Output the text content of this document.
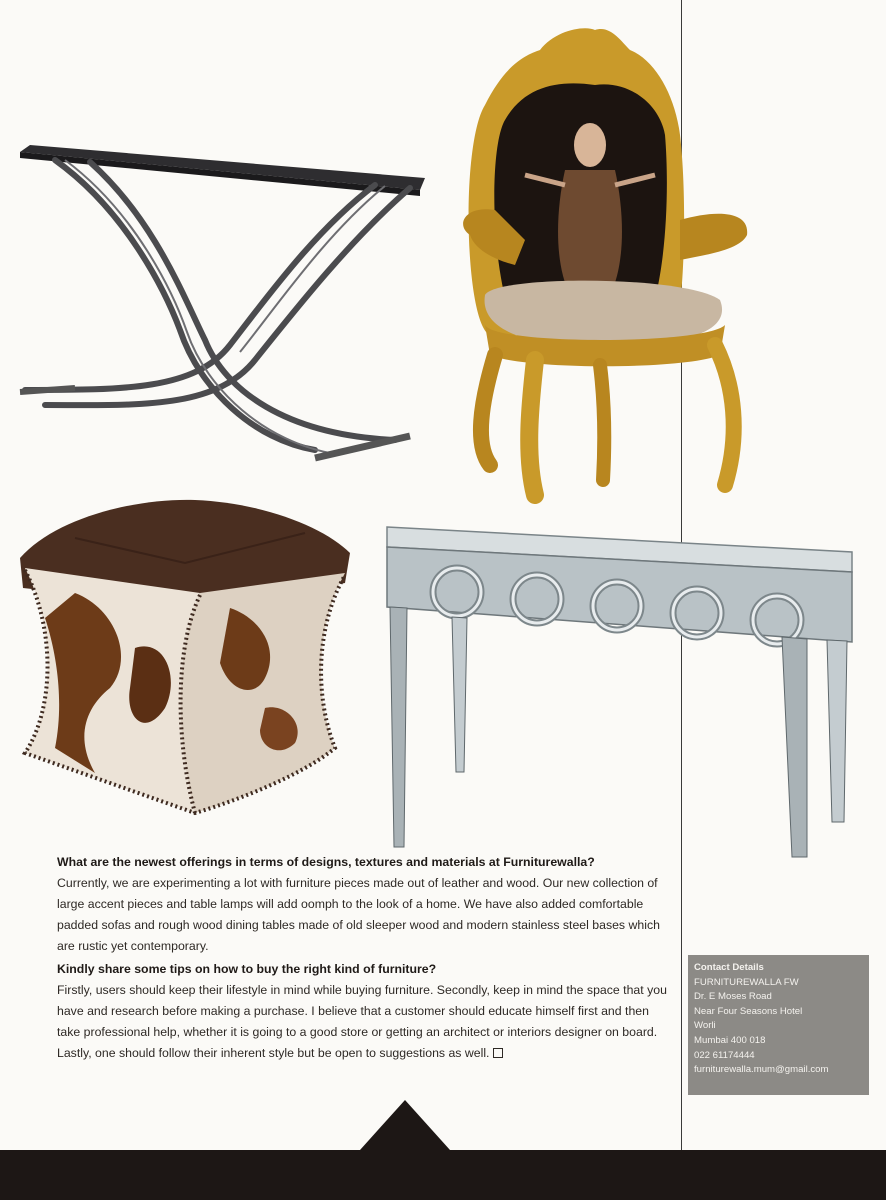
What are the newest offerings in terms of designs, textures and materials at Furniturewalla?

Currently, we are experimenting a lot with furniture pieces made out of leather and wood. Our new collection of large accent pieces and table lamps will add oomph to the look of a home. We have also added comfortable padded sofas and rough wood dining tables made of old sleeper wood and modern stainless steel bases which are rustic yet contemporary.

Kindly share some tips on how to buy the right kind of furniture?

Firstly, users should keep their lifestyle in mind while buying furniture. Secondly, keep in mind the space that you have and research before making a purchase. I believe that a customer should educate himself first and then take professional help, whether it is going to a good store or getting an architect or interiors designer on board. Lastly, one should follow their inherent style but be open to suggestions as well.

Contact Details
FURNITUREWALLA FW
Dr. E Moses Road
Near Four Seasons Hotel
Worli
Mumbai 400 018
022 61174444
furniturewalla.mum@gmail.com
